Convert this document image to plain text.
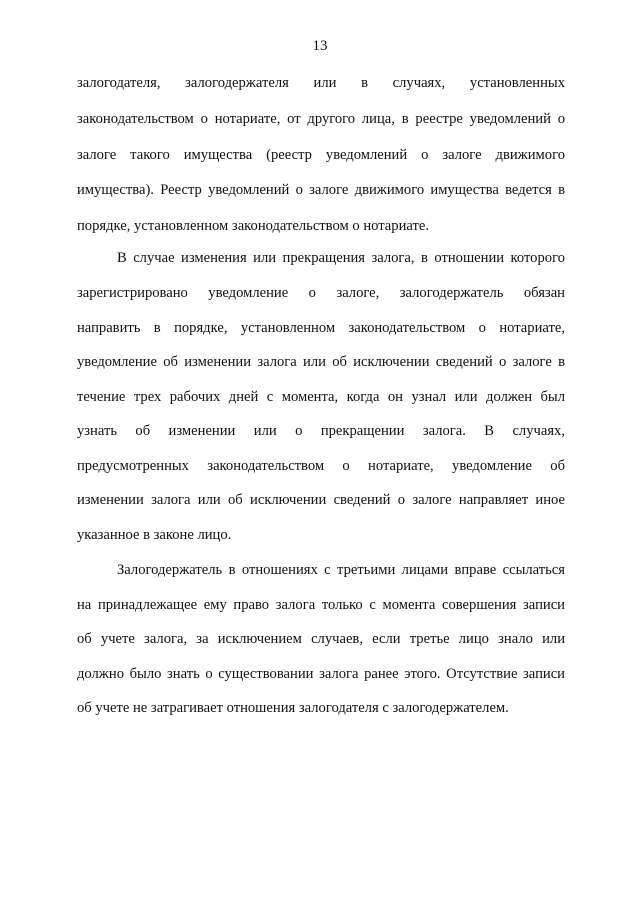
13
залогодателя, залогодержателя или в случаях, установленных
законодательством о нотариате, от другого лица, в реестре уведомлений о
залоге такого имущества (реестр уведомлений о залоге движимого
имущества). Реестр уведомлений о залоге движимого имущества ведется в
порядке, установленном законодательством о нотариате.
В случае изменения или прекращения залога, в отношении которого
зарегистрировано уведомление о залоге, залогодержатель обязан
направить в порядке, установленном законодательством о нотариате,
уведомление об изменении залога или об исключении сведений о залоге в
течение трех рабочих дней с момента, когда он узнал или должен был
узнать об изменении или о прекращении залога. В случаях,
предусмотренных законодательством о нотариате, уведомление об
изменении залога или об исключении сведений о залоге направляет иное
указанное в законе лицо.
Залогодержатель в отношениях с третьими лицами вправе ссылаться
на принадлежащее ему право залога только с момента совершения записи
об учете залога, за исключением случаев, если третье лицо знало или
должно было знать о существовании залога ранее этого. Отсутствие записи
об учете не затрагивает отношения залогодателя с залогодержателем.
